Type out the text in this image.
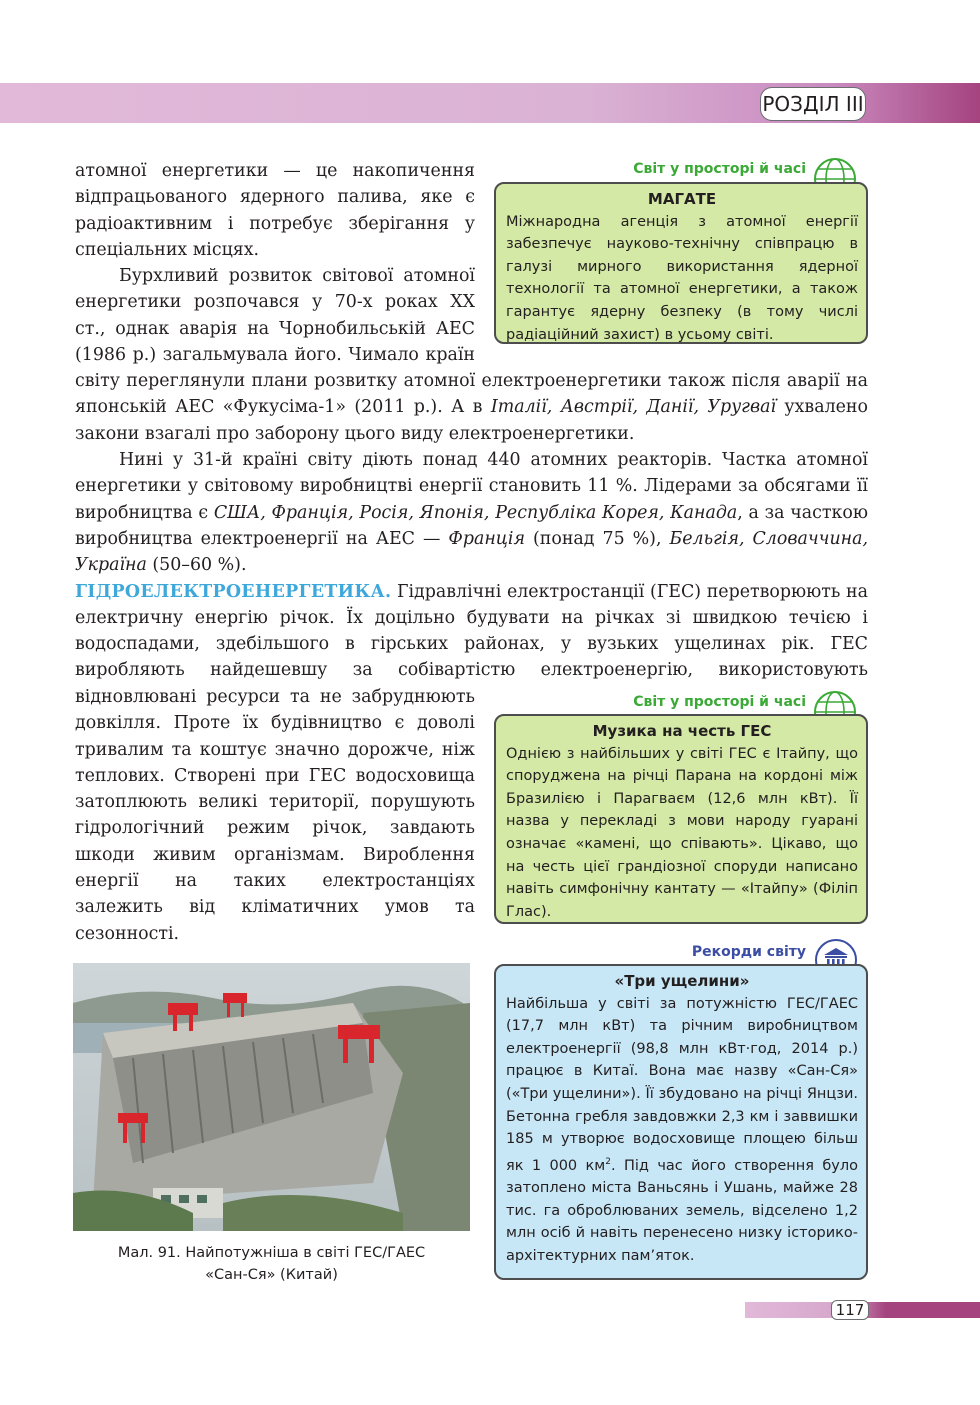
РОЗДІЛ III

атомної енергетики — це накопичення відпрацьованого ядерного палива, яке є радіоактивним і потребує зберігання у спеціальних місцях.

Бурхливий розвиток світової атомної енергетики розпочався у 70-х роках ХХ ст., однак аварія на Чорнобильській АЕС (1986 р.) загальмувала його. Чимало країн світу переглянули плани розвитку атомної електроенергетики також після аварії на японській АЕС «Фукусіма-1» (2011 р.). А в Італії, Австрії, Данії, Уругваї ухвалено закони взагалі про заборону цього виду електроенергетики.

Нині у 31-й країні світу діють понад 440 атомних реакторів. Частка атомної енергетики у світовому виробництві енергії становить 11 %. Лідерами за обсягами її виробництва є США, Франція, Росія, Японія, Республіка Корея, Канада, а за часткою виробництва електроенергії на АЕС — Франція (понад 75 %), Бельгія, Словаччина, Україна (50–60 %).

ГІДРОЕЛЕКТРОЕНЕРГЕТИКА. Гідравлічні електростанції (ГЕС) перетворюють на електричну енергію річок. Їх доцільно будувати на річках зі швидкою течією і водоспадами, здебільшого в гірських районах, у вузьких ущелинах рік. ГЕС виробляють найдешевшу за собівартістю електроенергію, використовують

відновлювані ресурси та не забруднюють довкілля. Проте їх будівництво є доволі тривалим та коштує значно дорожче, ніж теплових. Створені при ГЕС водосховища затоплюють великі території, порушують гідрологічний режим річок, завдають шкоди живим організмам. Вироблення енергії на таких електростанціях залежить від кліматичних умов та сезонності.

Світ у просторі й часі
МАГАТЕ
Міжнародна агенція з атомної енергії забезпечує науково-технічну співпрацю в галузі мирного використання ядерної технології та атомної енергетики, а також гарантує ядерну безпеку (в тому числі радіаційний захист) в усьому світі.
Світ у просторі й часі
Музика на честь ГЕС
Однією з найбільших у світі ГЕС є Ітайпу, що споруджена на річці Парана на кордоні між Бразилією і Парагваєм (12,6 млн кВт). Її назва у перекладі з мови народу гуарані означає «камені, що співають». Цікаво, що на честь цієї грандіозної споруди написано навіть симфонічну кантату — «Ітайпу» (Філіп Глас).
Рекорди світу
«Три ущелини»
Найбільша у світі за потужністю ГЕС/ГАЕС (17,7 млн кВт) та річним виробництвом електроенергії (98,8 млн кВт·год, 2014 р.) працює в Китаї. Вона має назву «Сан-Ся» («Три ущелини»). Її збудовано на річці Янцзи. Бетонна гребля завдовжки 2,3 км і заввишки 185 м утворює водосховище площею більш як 1 000 $км^2$. Під час його створення було затоплено міста Ваньсянь і Ушань, майже 28 тис. га оброблюваних земель, відселено 1,2 млн осіб й навіть перенесено низку історико-архітектурних пам’яток.
Мал. 91. Найпотужніша в світі ГЕС/ГАЕС
«Сан-Ся» (Китай)
117
